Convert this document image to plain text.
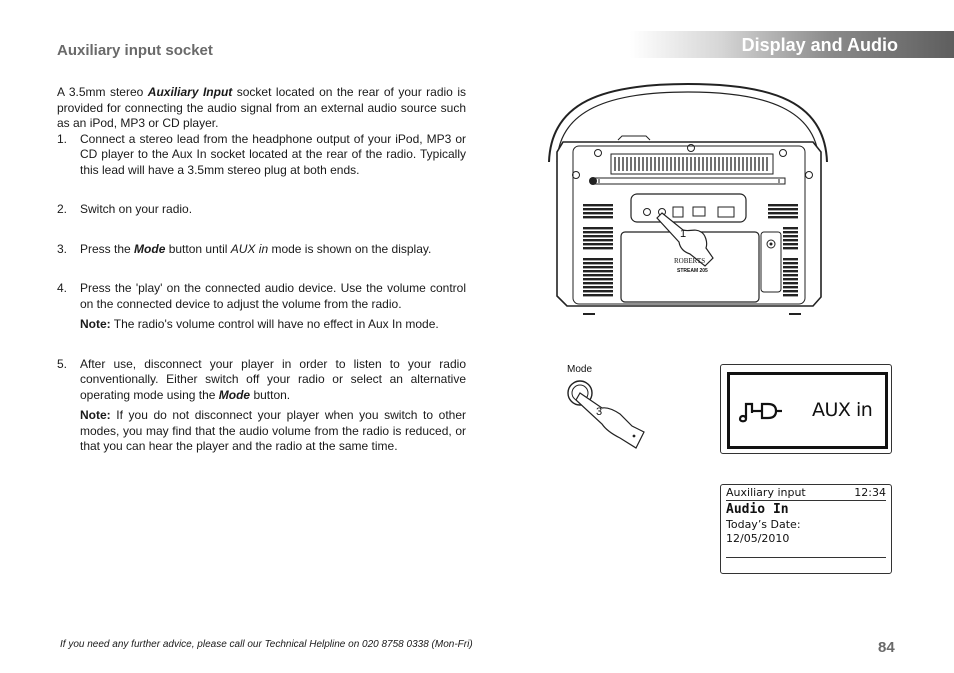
Auxiliary input socket	Display and Audio

A 3.5mm stereo Auxiliary Input socket located on the rear of your radio is provided for connecting the audio signal from an external audio source such as an iPod, MP3 or CD player.

1. Connect a stereo lead from the headphone output of your iPod, MP3 or CD player to the Aux In socket located at the rear of the radio. Typically this lead will have a 3.5mm stereo plug at both ends.

2. Switch on your radio.

3. Press the Mode button until AUX in mode is shown on the display.

4. Press the 'play' on the connected audio device. Use the volume control on the connected device to adjust the volume from the radio.

Note: The radio's volume control will have no effect in Aux In mode.

5. After use, disconnect your player in order to listen to your radio conventionally. Either switch off your radio or select an alternative operating mode using the Mode button.

Note: If you do not disconnect your player when you switch to other modes, you may find that the audio volume from the radio is reduced, or that you can hear the player and the radio at the same time.

1
ROBERTS
STREAM 205
Mode
3	AUX in
Auxiliary input	12:34
Audio In
Today’s Date:
12/05/2010
If you need any further advice, please call our Technical Helpline on 020 8758 0338 (Mon-Fri)	84
